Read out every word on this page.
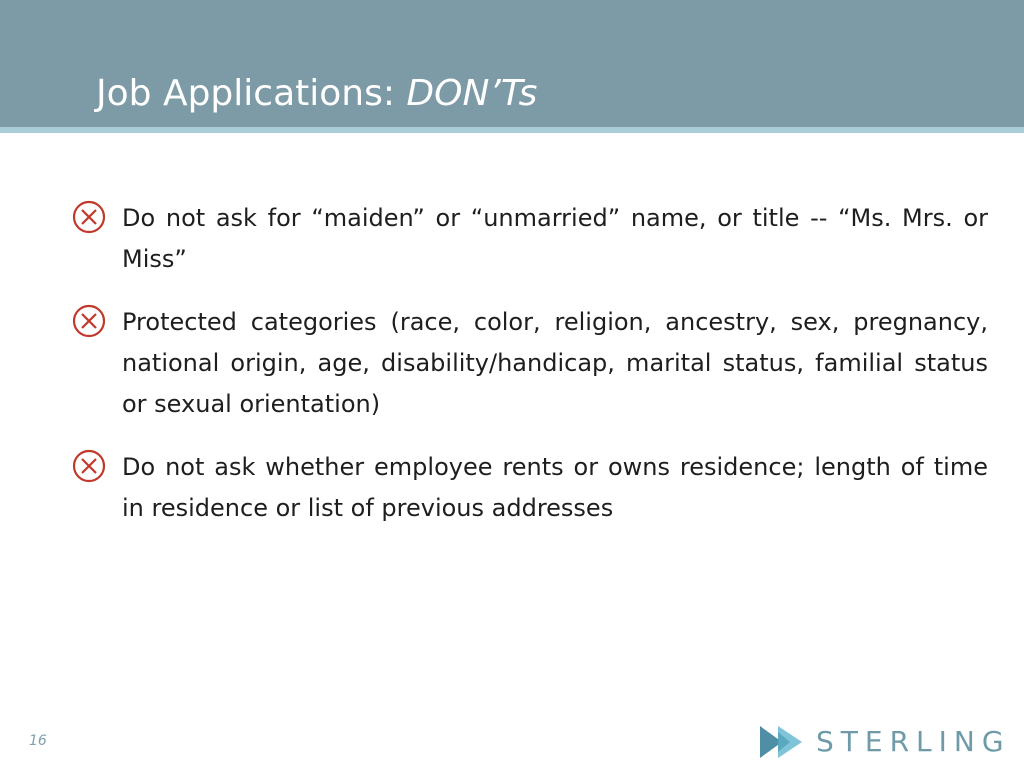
Job Applications: DON’Ts
Do not ask for “maiden” or “unmarried” name, or title -- “Ms. Mrs. or Miss”
Protected categories (race, color, religion, ancestry, sex, pregnancy, national origin, age, disability/handicap, marital status, familial status or sexual orientation)
Do not ask whether employee rents or owns residence; length of time in residence or list of previous addresses
16	STERLING
